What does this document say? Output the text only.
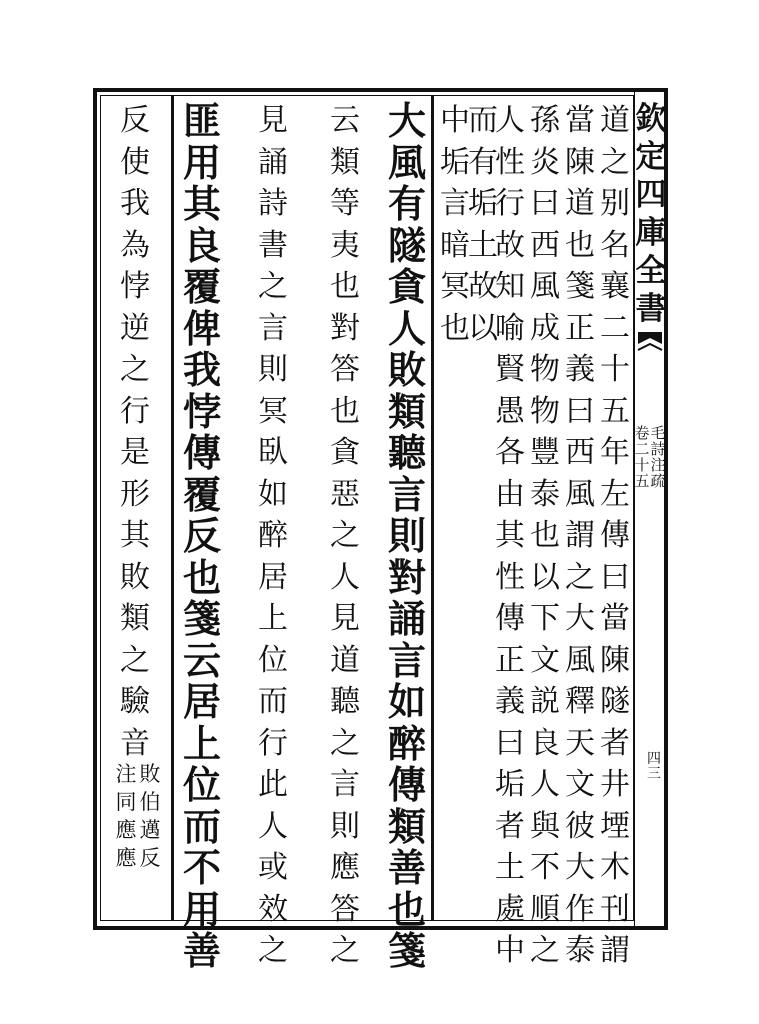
欽定四庫全書
毛詩注疏
卷二十五
四三
道之别名襄二十五年左傳曰當陳隧者井堙木刊謂
當陳道也箋正義曰西風謂之大風釋天文彼大作泰
孫炎曰西風成物物豐泰也以下文説良人與不順之
人性行故知喻賢愚各由其性傳正義曰垢者土處中
而有垢土故以
中垢言暗冥也
大風有隧貪人敗類聽言則對誦言如醉傳類善也箋
云類等夷也對答也貪惡之人見道聽之言則應答之
見誦詩書之言則冥臥如醉居上位而行此人或效之
匪用其良覆俾我悖傳覆反也箋云居上位而不用善
反使我為悖逆之行是形其敗類之驗音
敗伯邁反
注同應應
